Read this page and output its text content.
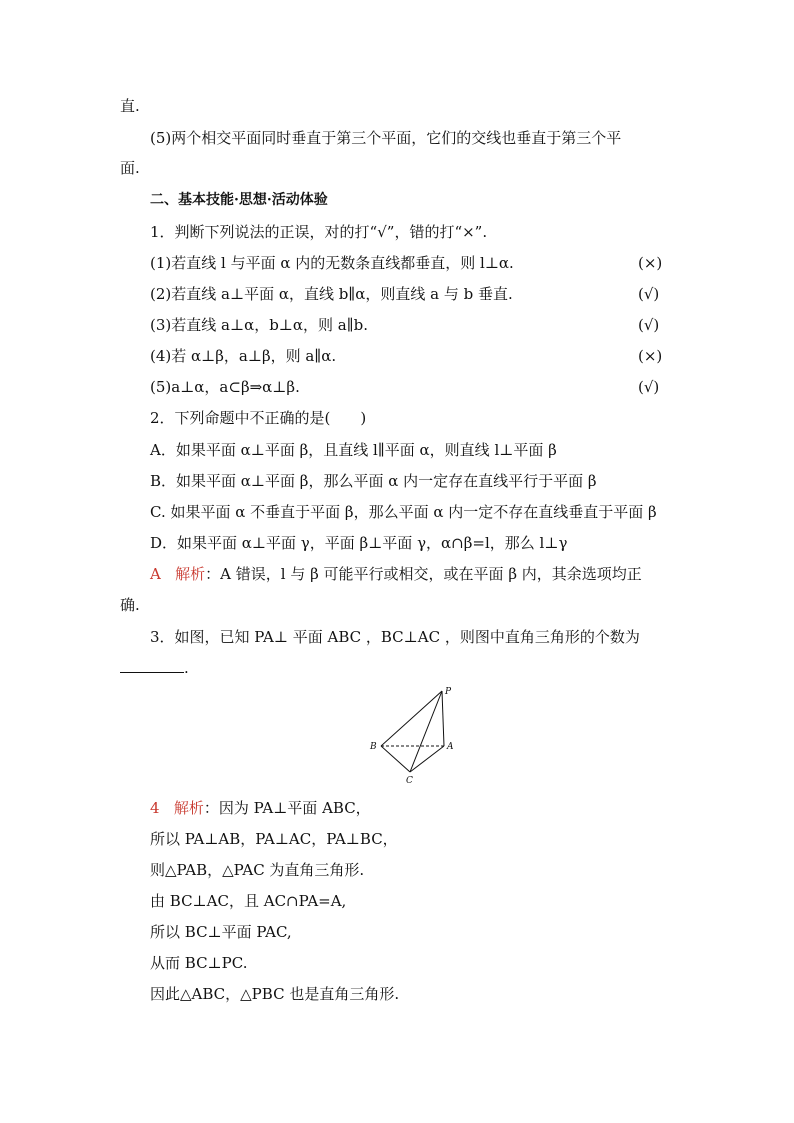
直.
(5)两个相交平面同时垂直于第三个平面，它们的交线也垂直于第三个平
面.
二、基本技能·思想·活动体验
1．判断下列说法的正误，对的打“√”，错的打“×”.
(1)若直线 l 与平面 α 内的无数条直线都垂直，则 l⊥α.	(×)
(2)若直线 a⊥平面 α，直线 b∥α，则直线 a 与 b 垂直.	(√)
(3)若直线 a⊥α，b⊥α，则 a∥b.	(√)
(4)若 α⊥β，a⊥β，则 a∥α.	(×)
(5)a⊥α，a⊂β⇒α⊥β.	(√)
2．下列命题中不正确的是(　　)
A．如果平面 α⊥平面 β，且直线 l∥平面 α，则直线 l⊥平面 β
B．如果平面 α⊥平面 β，那么平面 α 内一定存在直线平行于平面 β
C. 如果平面 α 不垂直于平面 β，那么平面 α 内一定不存在直线垂直于平面 β
D．如果平面 α⊥平面 γ，平面 β⊥平面 γ，α∩β=l，那么 l⊥γ
A 解析：A 错误，l 与 β 可能平行或相交，或在平面 β 内，其余选项均正
确.
3．如图，已知 PA⊥ 平面 ABC ，BC⊥AC ，则图中直角三角形的个数为
.
P
B	A
C
4 解析：因为 PA⊥平面 ABC，
所以 PA⊥AB，PA⊥AC，PA⊥BC，
则△PAB，△PAC 为直角三角形.
由 BC⊥AC，且 AC∩PA=A,
所以 BC⊥平面 PAC,
从而 BC⊥PC.
因此△ABC，△PBC 也是直角三角形.
